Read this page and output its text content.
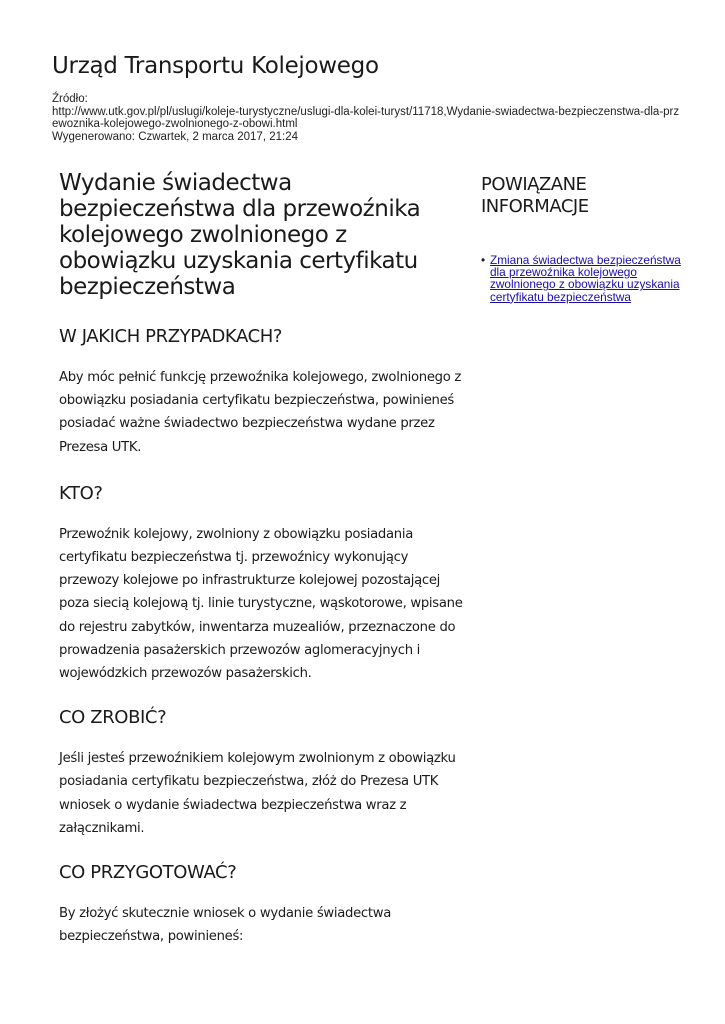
Urząd Transportu Kolejowego
Źródło:
http://www.utk.gov.pl/pl/uslugi/koleje-turystyczne/uslugi-dla-kolei-turyst/11718,Wydanie-swiadectwa-bezpieczenstwa-dla-przewoznika-kolejowego-zwolnionego-z-obowi.html
Wygenerowano: Czwartek, 2 marca 2017, 21:24
Wydanie świadectwa bezpieczeństwa dla przewoźnika kolejowego zwolnionego z obowiązku uzyskania certyfikatu bezpieczeństwa
W JAKICH PRZYPADKACH?

Aby móc pełnić funkcję przewoźnika kolejowego, zwolnionego z obowiązku posiadania certyfikatu bezpieczeństwa, powinieneś posiadać ważne świadectwo bezpieczeństwa wydane przez Prezesa UTK.

KTO?

Przewoźnik kolejowy, zwolniony z obowiązku posiadania certyfikatu bezpieczeństwa tj. przewoźnicy wykonujący przewozy kolejowe po infrastrukturze kolejowej pozostającej poza siecią kolejową tj. linie turystyczne, wąskotorowe, wpisane do rejestru zabytków, inwentarza muzealiów, przeznaczone do prowadzenia pasażerskich przewozów aglomeracyjnych i wojewódzkich przewozów pasażerskich.

CO ZROBIĆ?

Jeśli jesteś przewoźnikiem kolejowym zwolnionym z obowiązku posiadania certyfikatu bezpieczeństwa, złóż do Prezesa UTK wniosek o wydanie świadectwa bezpieczeństwa wraz z załącznikami.

CO PRZYGOTOWAĆ?

By złożyć skutecznie wniosek o wydanie świadectwa bezpieczeństwa, powinieneś:

POWIĄZANE INFORMACJE
• Zmiana świadectwa bezpieczeństwa dla przewoźnika kolejowego zwolnionego z obowiązku uzyskania certyfikatu bezpieczeństwa
